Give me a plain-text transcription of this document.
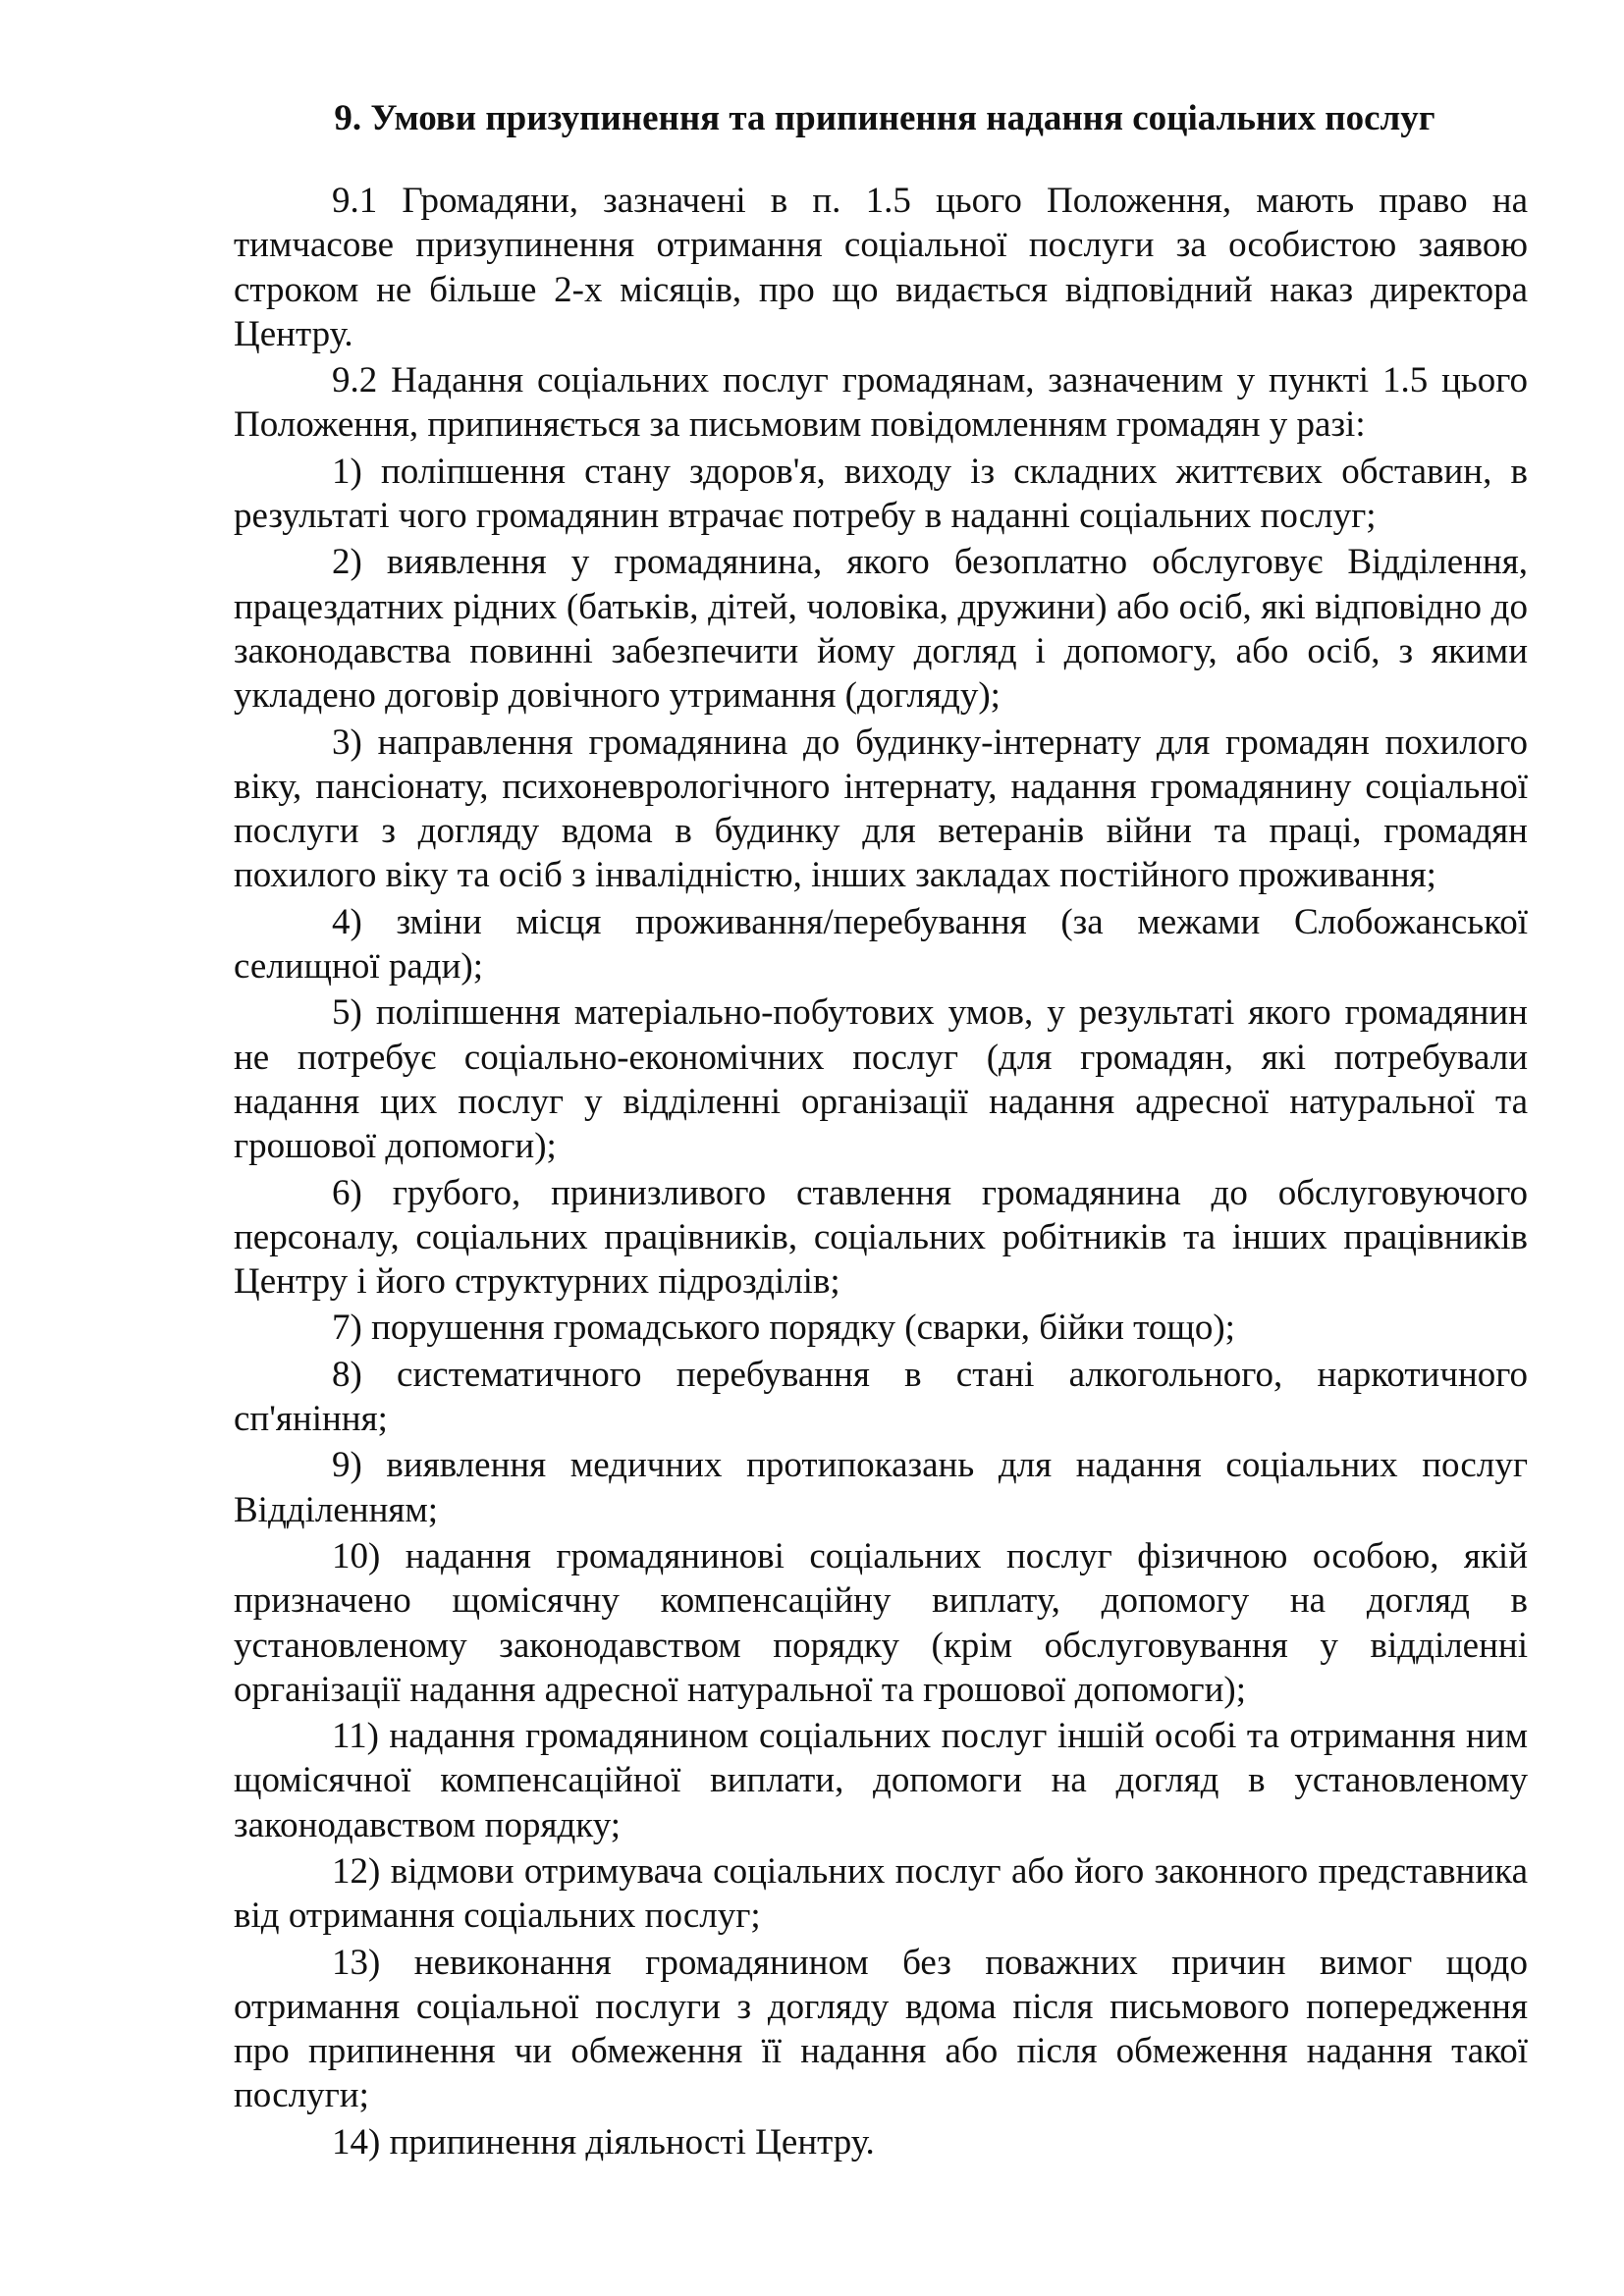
9. Умови призупинення та припинення надання соціальних послуг

9.1 Громадяни, зазначені в п. 1.5 цього Положення, мають право на тимчасове призупинення отримання соціальної послуги за особистою заявою строком не більше 2-х місяців, про що видається відповідний наказ директора Центру.

9.2 Надання соціальних послуг громадянам, зазначеним у пункті 1.5 цього Положення, припиняється за письмовим повідомленням громадян у разі:

1) поліпшення стану здоров'я, виходу із складних життєвих обставин, в результаті чого громадянин втрачає потребу в наданні соціальних послуг;

2) виявлення у громадянина, якого безоплатно обслуговує Відділення, працездатних рідних (батьків, дітей, чоловіка, дружини) або осіб, які відповідно до законодавства повинні забезпечити йому догляд і допомогу, або осіб, з якими укладено договір довічного утримання (догляду);

3) направлення громадянина до будинку-інтернату для громадян похилого віку, пансіонату, психоневрологічного інтернату, надання громадянину соціальної послуги з догляду вдома в будинку для ветеранів війни та праці, громадян похилого віку та осіб з інвалідністю, інших закладах постійного проживання;

4) зміни місця проживання/перебування (за межами Слобожанської селищної ради);

5) поліпшення матеріально-побутових умов, у результаті якого громадянин не потребує соціально-економічних послуг (для громадян, які потребували надання цих послуг у відділенні організації надання адресної натуральної та грошової допомоги);

6) грубого, принизливого ставлення громадянина до обслуговуючого персоналу, соціальних працівників, соціальних робітників та інших працівників Центру і його структурних підрозділів;

7) порушення громадського порядку (сварки, бійки тощо);

8) систематичного перебування в стані алкогольного, наркотичного сп'яніння;

9) виявлення медичних протипоказань для надання соціальних послуг Відділенням;

10) надання громадянинові соціальних послуг фізичною особою, якій призначено щомісячну компенсаційну виплату, допомогу на догляд в установленому законодавством порядку (крім обслуговування у відділенні організації надання адресної натуральної та грошової допомоги);

11) надання громадянином соціальних послуг іншій особі та отримання ним щомісячної компенсаційної виплати, допомоги на догляд в установленому законодавством порядку;

12) відмови отримувача соціальних послуг або його законного представника від отримання соціальних послуг;

13) невиконання громадянином без поважних причин вимог щодо отримання соціальної послуги з догляду вдома після письмового попередження про припинення чи обмеження її надання або після обмеження надання такої послуги;

14) припинення діяльності Центру.
